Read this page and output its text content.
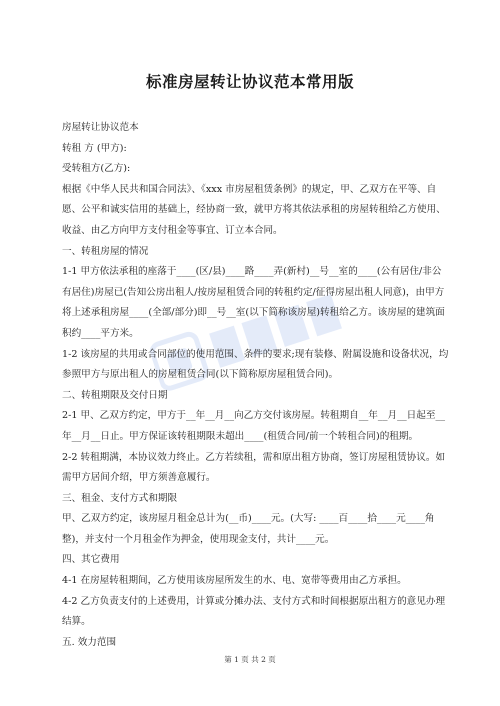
标准房屋转让协议范本常用版

房屋转让协议范本

转租 方 (甲方):

受转租方(乙方):

根据《中华人民共和国合同法》、《xxx 市房屋租赁条例》的规定，甲、乙双方在平等、自愿、公平和诚实信用的基础上，经协商一致，就甲方将其依法承租的房屋转租给乙方使用、收益、由乙方向甲方支付租金等事宜、订立本合同。

一、转租房屋的情况

1-1 甲方依法承租的座落于____(区/县)____路____弄(新村)__号__室的____(公有居住/非公有居住)房屋已(告知公房出租人/按房屋租赁合同的转租约定/征得房屋出租人同意)，由甲方将上述承租房屋____(全部/部分)即__号__室(以下简称该房屋)转租给乙方。该房屋的建筑面积约____平方米。

1-2 该房屋的共用或合同部位的使用范围、条件的要求;现有装修、附属设施和设备状况，均参照甲方与原出租人的房屋租赁合同(以下简称原房屋租赁合同)。

二、转租期限及交付日期

2-1 甲、乙双方约定，甲方于__年__月__向乙方交付该房屋。转租期自__年__月__日起至__年__月__日止。甲方保证该转租期限未超出____(租赁合同/前一个转租合同)的租期。

2-2 转租期满，本协议效力终止。乙方若续租，需和原出租方协商，签订房屋租赁协议。如需甲方居间介绍，甲方须善意履行。

三、租金、支付方式和期限

甲、乙双方约定，该房屋月租金总计为(__币)____元。(大写: ____百____拾____元____角整)，并支付一个月租金作为押金，使用现金支付，共计____元。

四、其它费用

4-1 在房屋转租期间，乙方使用该房屋所发生的水、电、宽带等费用由乙方承担。

4-2 乙方负责支付的上述费用，计算或分摊办法、支付方式和时间根据原出租方的意见办理结算。

五. 效力范围

第 1 页 共 2 页
